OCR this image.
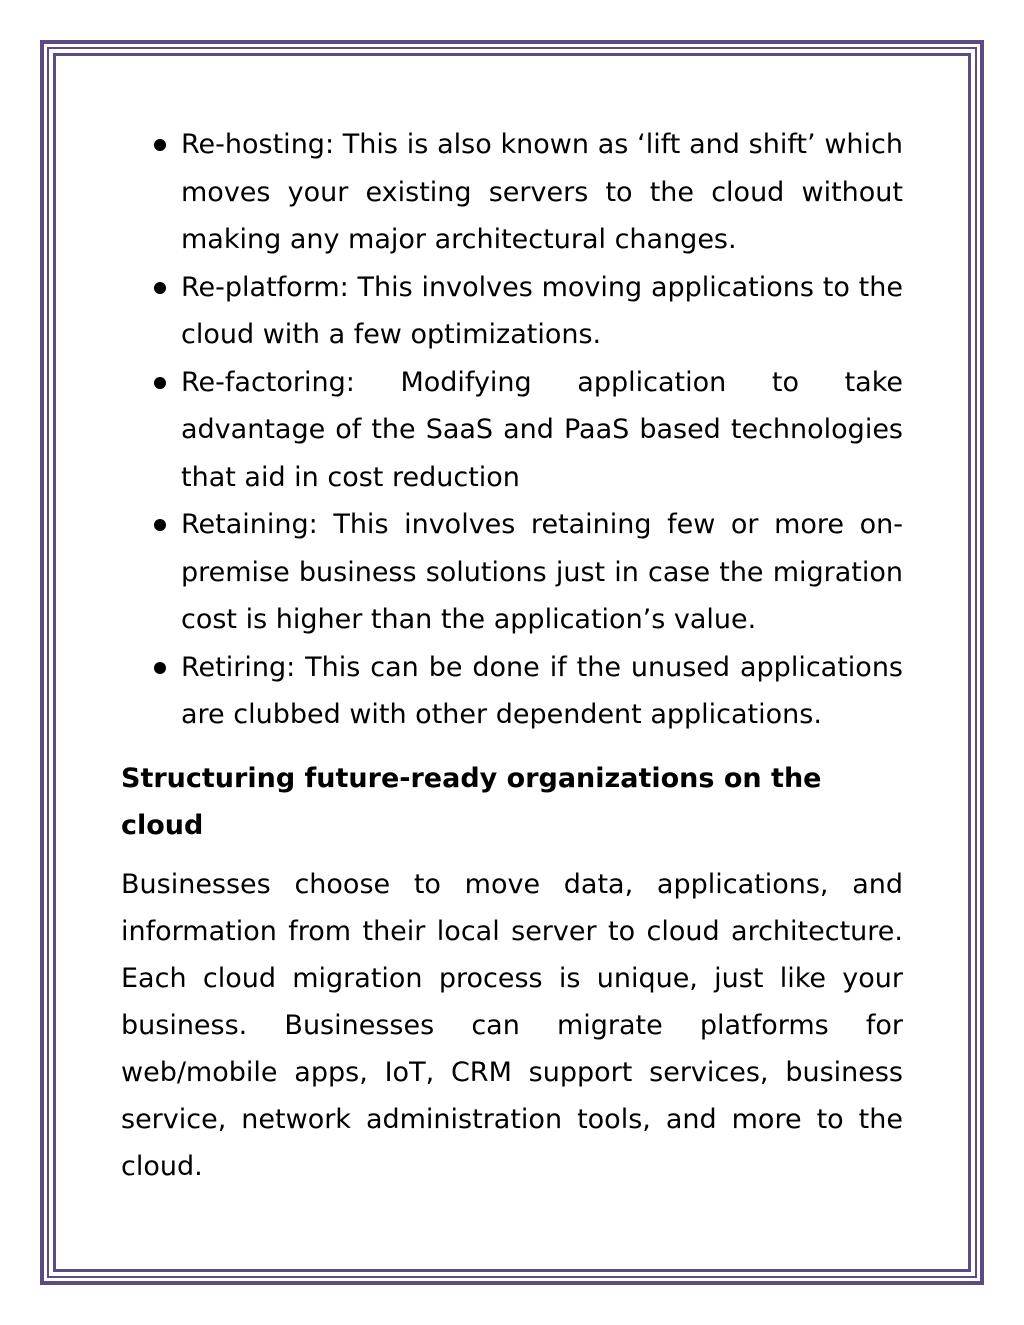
Re-hosting: This is also known as ‘lift and shift’ which moves your existing servers to the cloud without making any major architectural changes.
Re-platform: This involves moving applications to the cloud with a few optimizations.
Re-factoring: Modifying application to take advantage of the SaaS and PaaS based technologies that aid in cost reduction
Retaining: This involves retaining few or more on-premise business solutions just in case the migration cost is higher than the application’s value.
Retiring: This can be done if the unused applications are clubbed with other dependent applications.
Structuring future-ready organizations on the cloud

Businesses choose to move data, applications, and information from their local server to cloud architecture. Each cloud migration process is unique, just like your business. Businesses can migrate platforms for web/mobile apps, IoT, CRM support services, business service, network administration tools, and more to the cloud.
